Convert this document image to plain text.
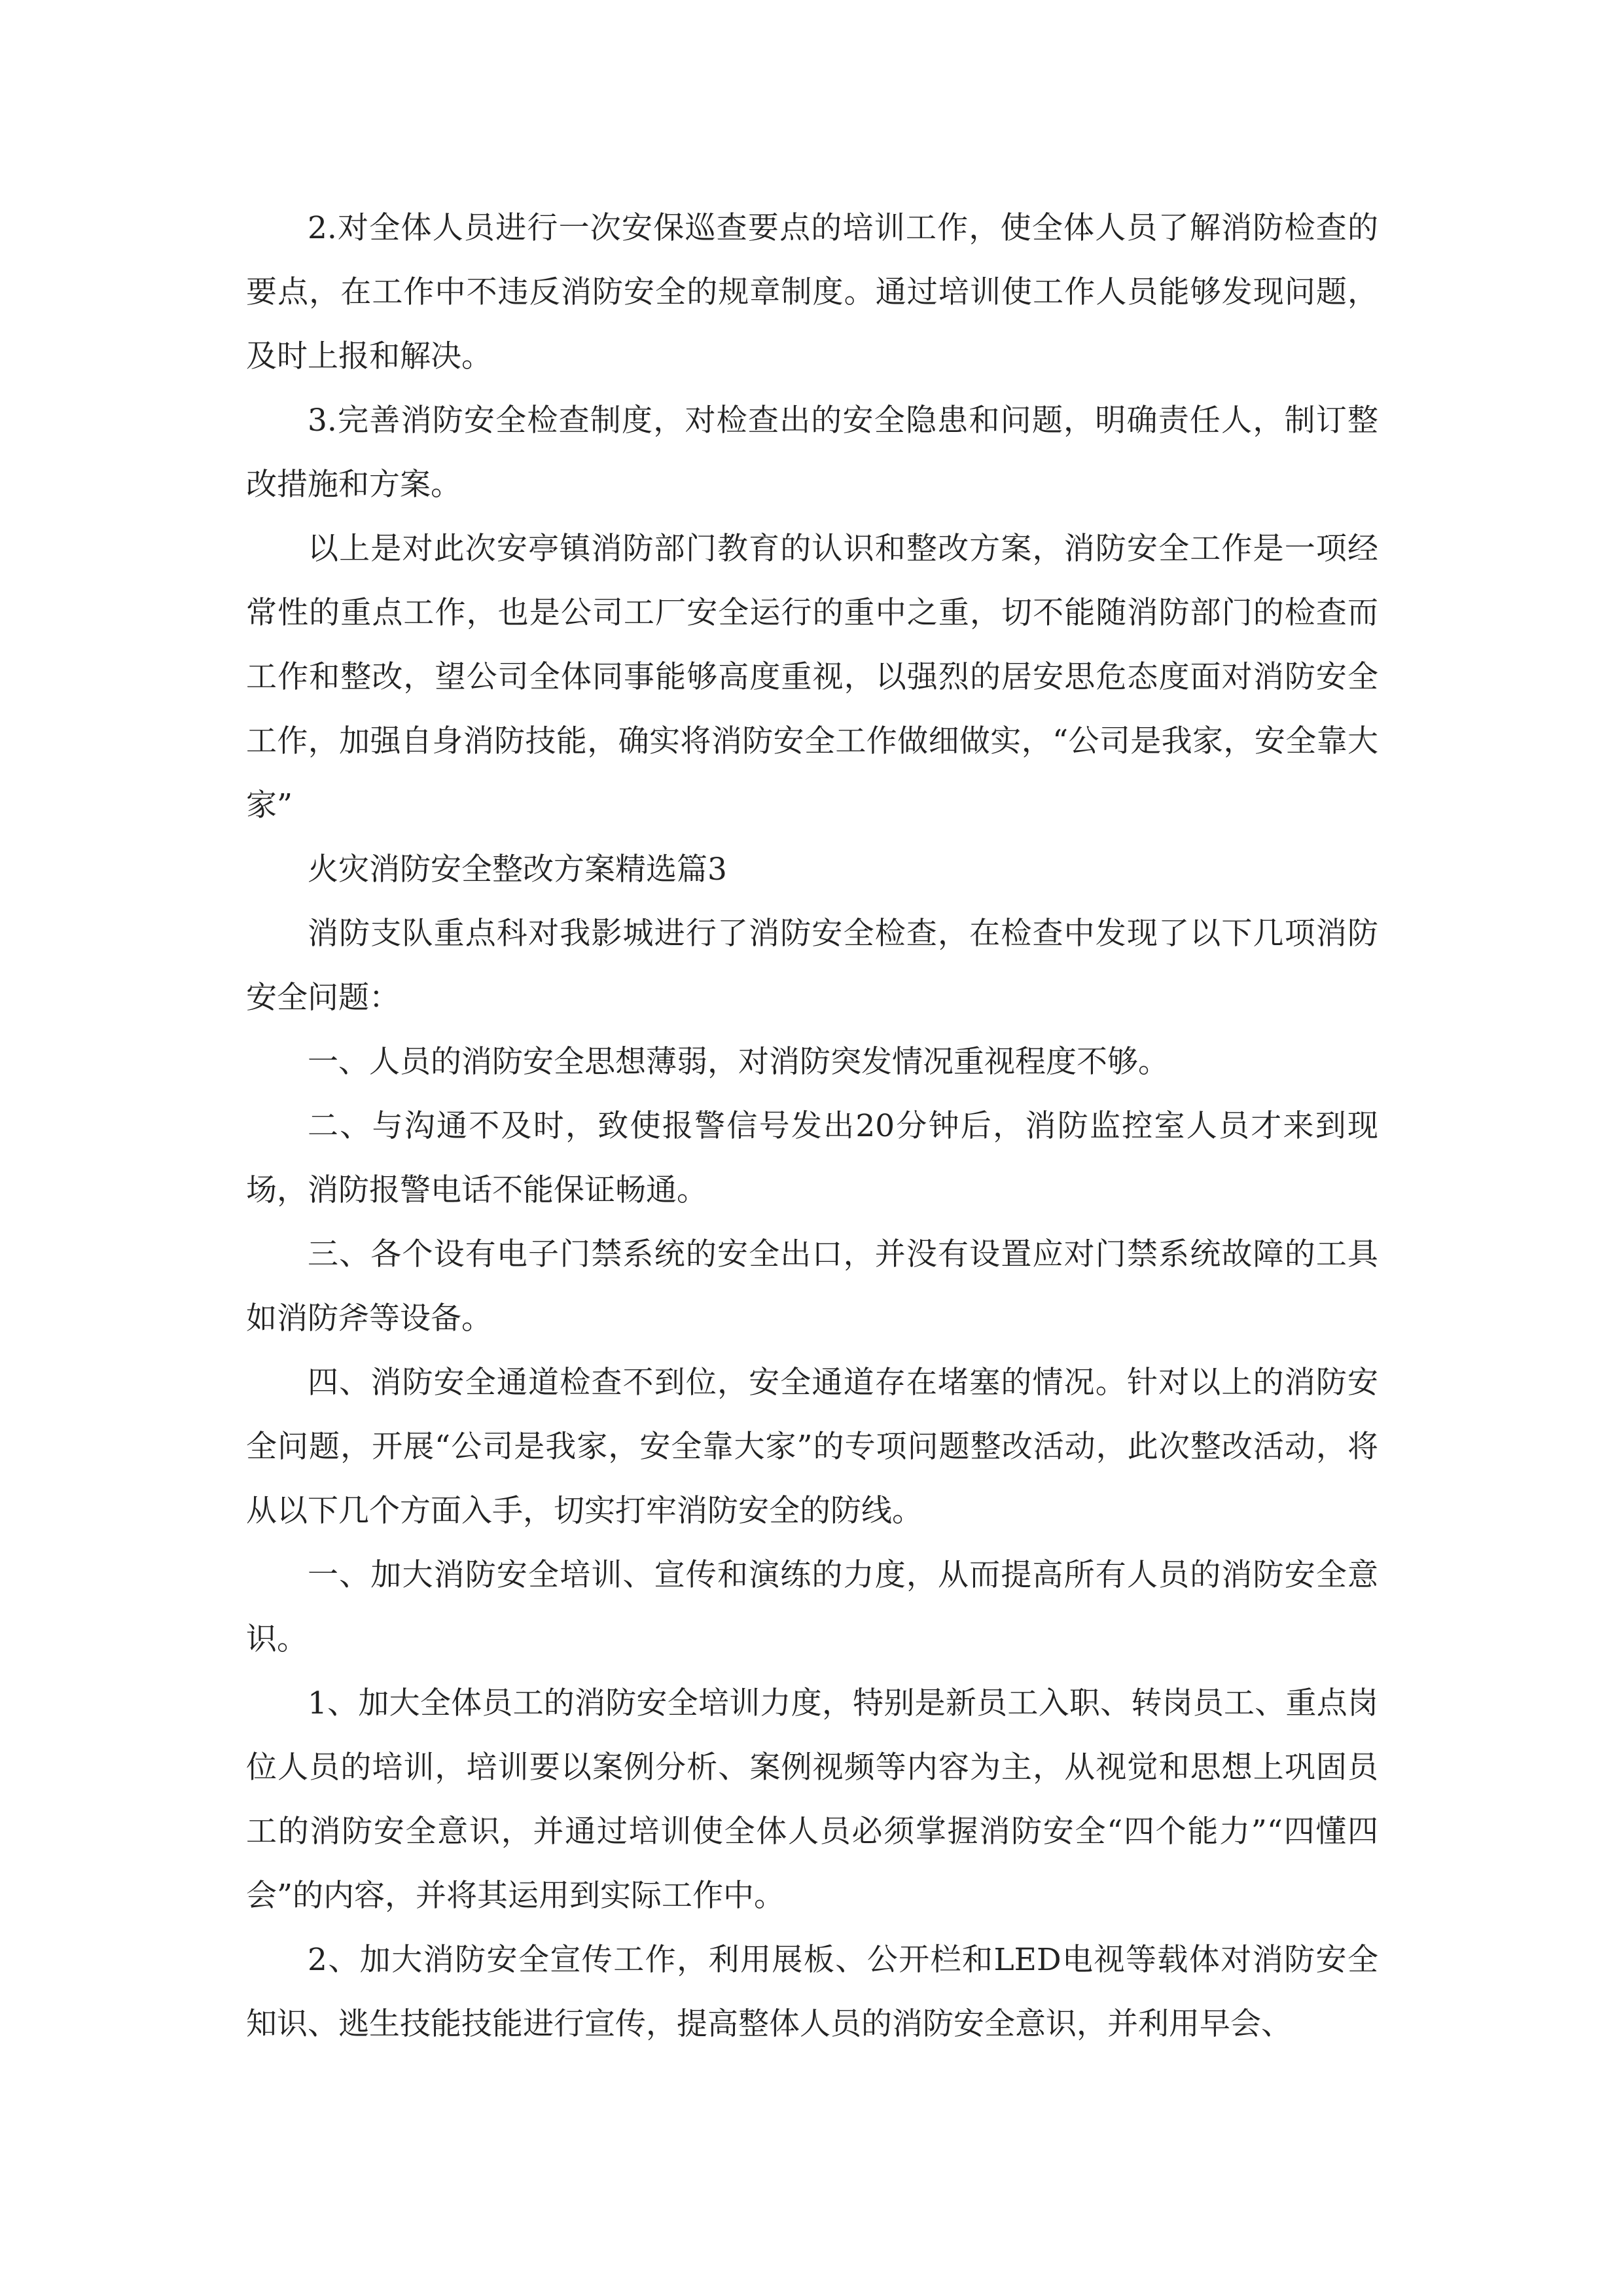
2.对全体人员进行一次安保巡查要点的培训工作，使全体人员了解消防检查的要点，在工作中不违反消防安全的规章制度。通过培训使工作人员能够发现问题，及时上报和解决。

3.完善消防安全检查制度，对检查出的安全隐患和问题，明确责任人，制订整改措施和方案。

以上是对此次安亭镇消防部门教育的认识和整改方案，消防安全工作是一项经常性的重点工作，也是公司工厂安全运行的重中之重，切不能随消防部门的检查而工作和整改，望公司全体同事能够高度重视，以强烈的居安思危态度面对消防安全工作，加强自身消防技能，确实将消防安全工作做细做实，“公司是我家，安全靠大家”

火灾消防安全整改方案精选篇3

消防支队重点科对我影城进行了消防安全检查，在检查中发现了以下几项消防安全问题：

一、人员的消防安全思想薄弱，对消防突发情况重视程度不够。

二、与沟通不及时，致使报警信号发出20分钟后，消防监控室人员才来到现场，消防报警电话不能保证畅通。

三、各个设有电子门禁系统的安全出口，并没有设置应对门禁系统故障的工具如消防斧等设备。

四、消防安全通道检查不到位，安全通道存在堵塞的情况。针对以上的消防安全问题，开展“公司是我家，安全靠大家”的专项问题整改活动，此次整改活动，将从以下几个方面入手，切实打牢消防安全的防线。

一、加大消防安全培训、宣传和演练的力度，从而提高所有人员的消防安全意识。

1、加大全体员工的消防安全培训力度，特别是新员工入职、转岗员工、重点岗位人员的培训，培训要以案例分析、案例视频等内容为主，从视觉和思想上巩固员工的消防安全意识，并通过培训使全体人员必须掌握消防安全“四个能力”“四懂四会”的内容，并将其运用到实际工作中。

2、加大消防安全宣传工作，利用展板、公开栏和LED电视等载体对消防安全知识、逃生技能技能进行宣传，提高整体人员的消防安全意识，并利用早会、
